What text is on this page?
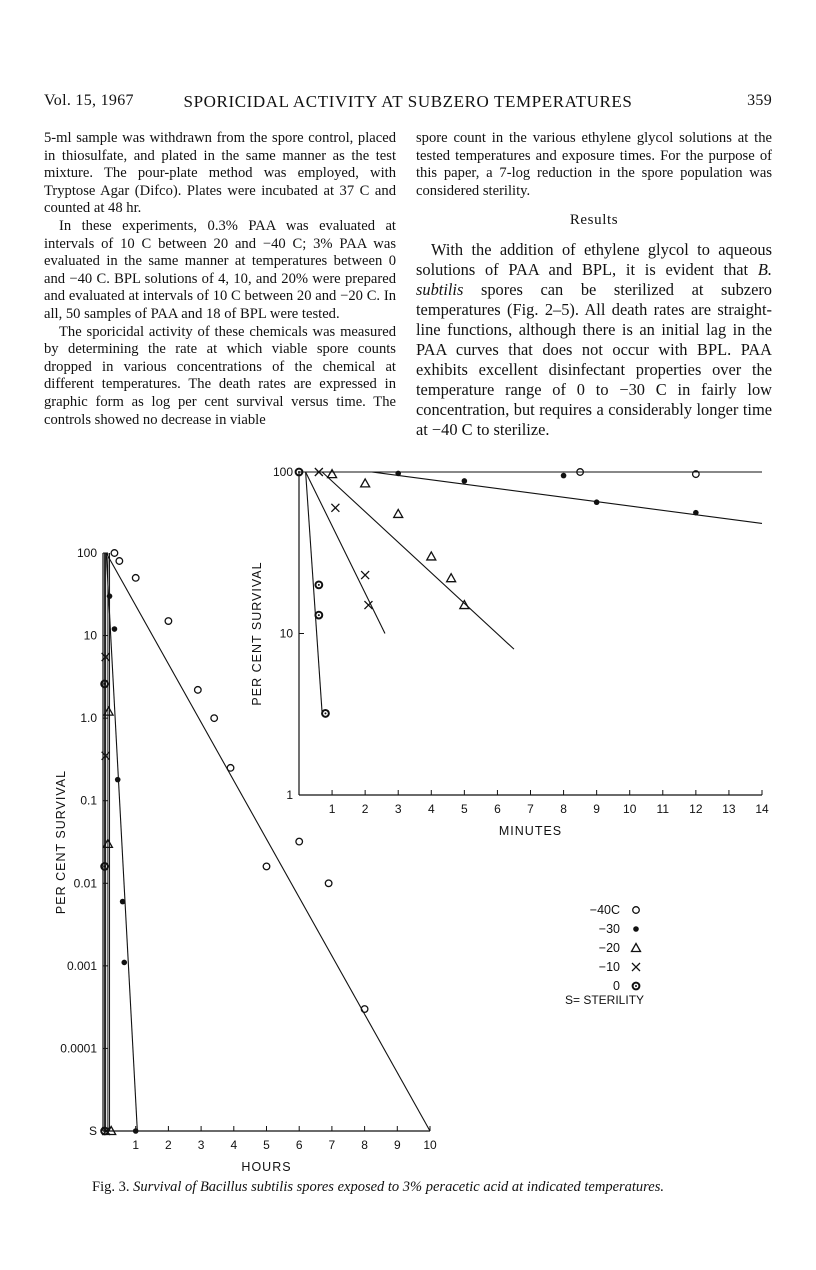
Vol. 15, 1967	SPORICIDAL ACTIVITY AT SUBZERO TEMPERATURES	359

5-ml sample was withdrawn from the spore control, placed in thiosulfate, and plated in the same manner as the test mixture. The pour-plate method was employed, with Tryptose Agar (Difco). Plates were incubated at 37 C and counted at 48 hr.

In these experiments, 0.3% PAA was evaluated at intervals of 10 C between 20 and −40 C; 3% PAA was evaluated in the same manner at temperatures between 0 and −40 C. BPL solutions of 4, 10, and 20% were prepared and evaluated at intervals of 10 C between 20 and −20 C. In all, 50 samples of PAA and 18 of BPL were tested.

The sporicidal activity of these chemicals was measured by determining the rate at which viable spore counts dropped in various concentrations of the chemical at different temperatures. The death rates are expressed in graphic form as log per cent survival versus time. The controls showed no decrease in viable

spore count in the various ethylene glycol solutions at the tested temperatures and exposure times. For the purpose of this paper, a 7-log reduction in the spore population was considered sterility.

Results

With the addition of ethylene glycol to aqueous solutions of PAA and BPL, it is evident that B. subtilis spores can be sterilized at subzero temperatures (Fig. 2–5). All death rates are straight-line functions, although there is an initial lag in the PAA curves that does not occur with BPL. PAA exhibits excellent disinfectant properties over the temperature range of 0 to −30 C in fairly low concentration, but requires a considerably longer time at −40 C to sterilize.

1 2 3 4 5 6 7 8 9 10
100
10
1.0
0.1
0.01
0.001
0.0001
S
HOURS
PER CENT SURVIVAL	1 2 3 4 5 6 7 8 9 10 11 12 13 14
100
10
1
MINUTES
PER CENT SURVIVAL
−40C
−30
−20
−10
0
S= STERILITY
Fig. 3. Survival of Bacillus subtilis spores exposed to 3% peracetic acid at indicated temperatures.
